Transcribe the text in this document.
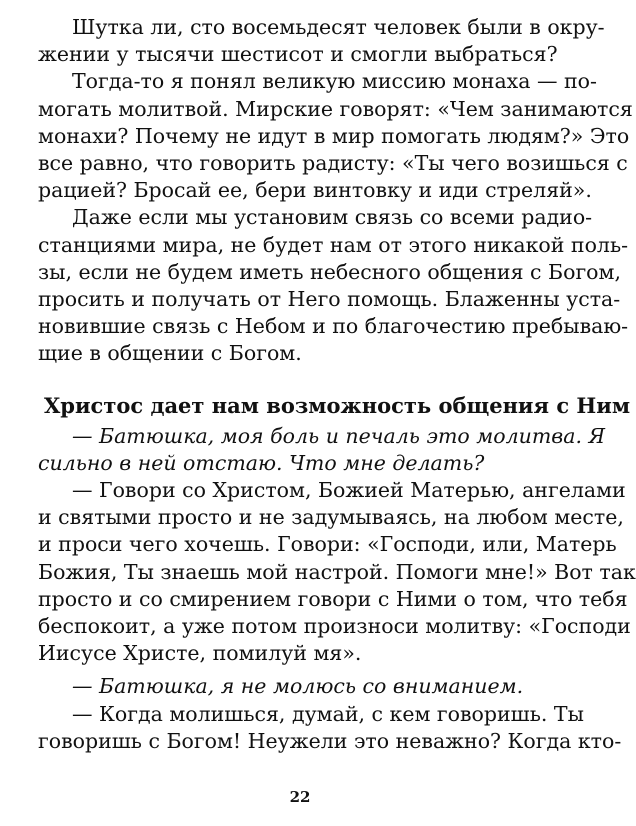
Шутка ли, сто восемьдесят человек были в окру-
жении у тысячи шестисот и смогли выбраться?
Тогда-то я понял великую миссию монаха — по-
могать молитвой. Мирские говорят: «Чем занимаются
монахи? Почему не идут в мир помогать людям?» Это
все равно, что говорить радисту: «Ты чего возишься с
рацией? Бросай ее, бери винтовку и иди стреляй».
Даже если мы установим связь со всеми радио-
станциями мира, не будет нам от этого никакой поль-
зы, если не будем иметь небесного общения с Богом,
просить и получать от Него помощь. Блаженны уста-
новившие связь с Небом и по благочестию пребываю-
щие в общении с Богом.
Христос дает нам возможность общения с Ним
— Батюшка, моя боль и печаль это молитва. Я
сильно в ней отстаю. Что мне делать?
— Говори со Христом, Божией Матерью, ангелами
и святыми просто и не задумываясь, на любом месте,
и проси чего хочешь. Говори: «Господи, или, Матерь
Божия, Ты знаешь мой настрой. Помоги мне!» Вот так
просто и со смирением говори с Ними о том, что тебя
беспокоит, а уже потом произноси молитву: «Господи
Иисусе Христе, помилуй мя».
— Батюшка, я не молюсь со вниманием.
— Когда молишься, думай, с кем говоришь. Ты
говоришь с Богом! Неужели это неважно? Когда кто-
22
